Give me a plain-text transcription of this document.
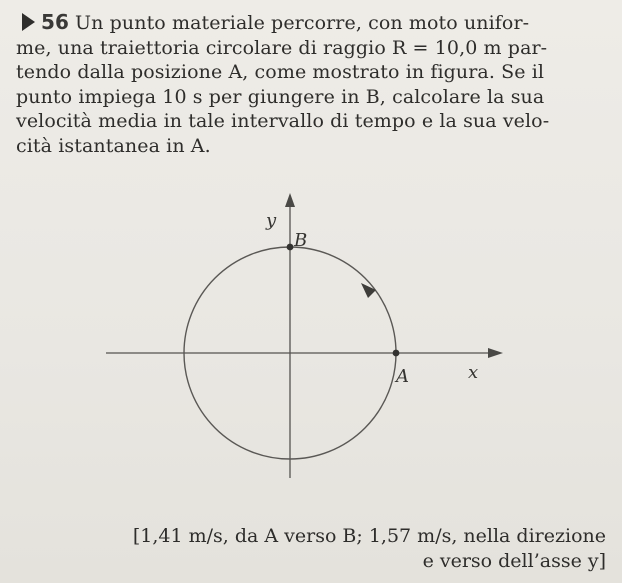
56 Un punto materiale percorre, con moto unifor-
me, una traiettoria circolare di raggio R = 10,0 m par-
tendo dalla posizione A, come mostrato in figura. Se il
punto impiega 10 s per giungere in B, calcolare la sua
velocità media in tale intervallo di tempo e la sua velo-
cità istantanea in A.
y
x
A
B
[1,41 m/s, da A verso B; 1,57 m/s, nella direzione
e verso dell’asse y]
